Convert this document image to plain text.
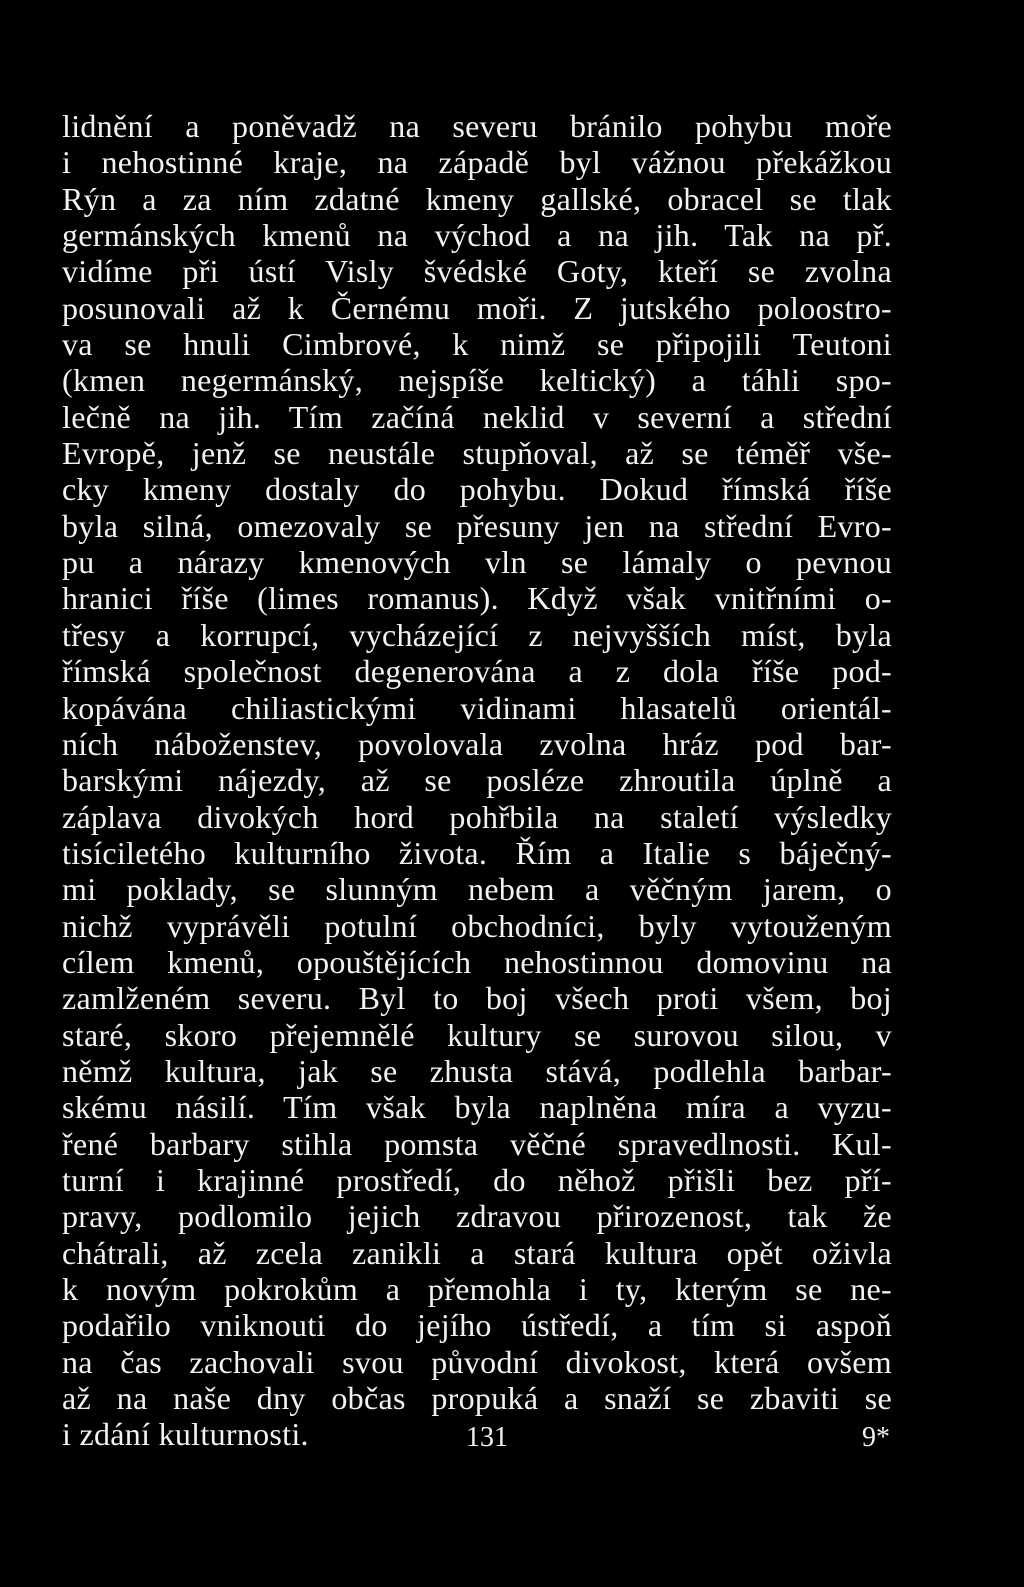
lidnění a poněvadž na severu bránilo pohybu moře
i nehostinné kraje, na západě byl vážnou překážkou
Rýn a za ním zdatné kmeny gallské, obracel se tlak
germánských kmenů na východ a na jih. Tak na př.
vidíme při ústí Visly švédské Goty, kteří se zvolna
posunovali až k Černému moři. Z jutského poloostro-
va se hnuli Cimbrové, k nimž se připojili Teutoni
(kmen negermánský, nejspíše keltický) a táhli spo-
lečně na jih. Tím začíná neklid v severní a střední
Evropě, jenž se neustále stupňoval, až se téměř vše-
cky kmeny dostaly do pohybu. Dokud římská říše
byla silná, omezovaly se přesuny jen na střední Evro-
pu a nárazy kmenových vln se lámaly o pevnou
hranici říše (limes romanus). Když však vnitřními o-
třesy a korrupcí, vycházející z nejvyšších míst, byla
římská společnost degenerována a z dola říše pod-
kopávána chiliastickými vidinami hlasatelů orientál-
ních náboženstev, povolovala zvolna hráz pod bar-
barskými nájezdy, až se posléze zhroutila úplně a
záplava divokých hord pohřbila na staletí výsledky
tisíciletého kulturního života. Řím a Italie s báječný-
mi poklady, se slunným nebem a věčným jarem, o
nichž vyprávěli potulní obchodníci, byly vytouženým
cílem kmenů, opouštějících nehostinnou domovinu na
zamlženém severu. Byl to boj všech proti všem, boj
staré, skoro přejemnělé kultury se surovou silou, v
němž kultura, jak se zhusta stává, podlehla barbar-
skému násilí. Tím však byla naplněna míra a vyzu-
řené barbary stihla pomsta věčné spravedlnosti. Kul-
turní i krajinné prostředí, do něhož přišli bez pří-
pravy, podlomilo jejich zdravou přirozenost, tak že
chátrali, až zcela zanikli a stará kultura opět oživla
k novým pokrokům a přemohla i ty, kterým se ne-
podařilo vniknouti do jejího ústředí, a tím si aspoň
na čas zachovali svou původní divokost, která ovšem
až na naše dny občas propuká a snaží se zbaviti se
i zdání kulturnosti.	131	9*
